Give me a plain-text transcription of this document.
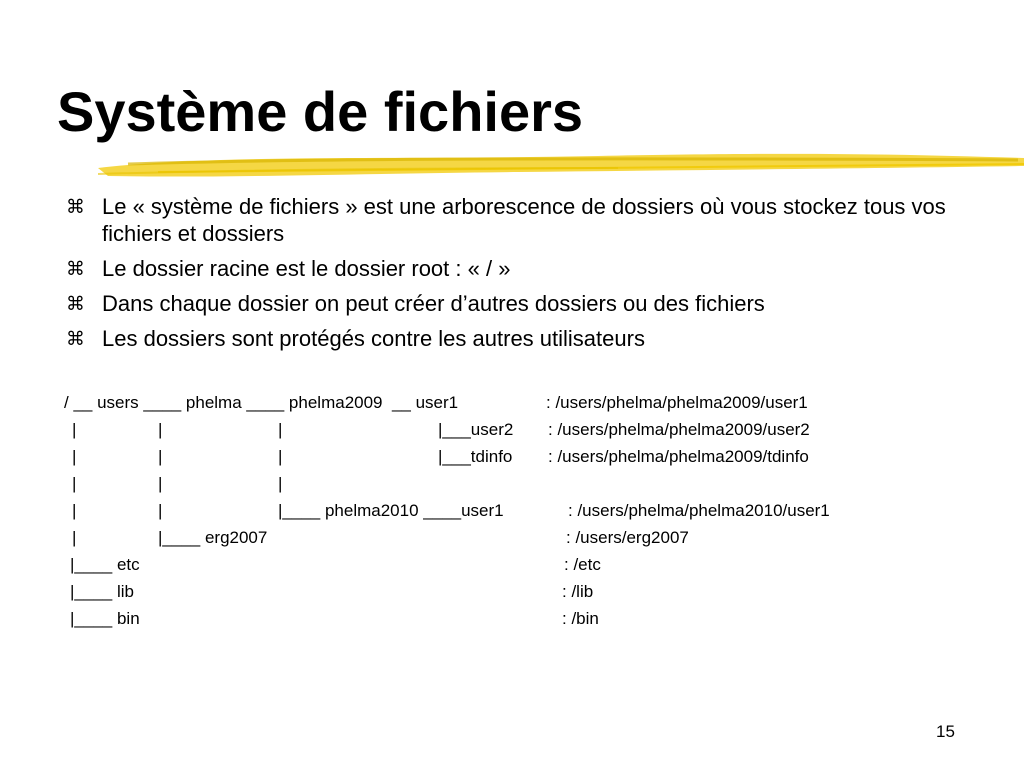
Système de fichiers
⌘ Le « système de fichiers » est une arborescence de dossiers où vous stockez tous vos fichiers et dossiers
⌘ Le dossier racine est le dossier root : « / »
⌘ Dans chaque dossier on peut créer d’autres dossiers ou des fichiers
⌘ Les dossiers sont protégés contre les autres utilisateurs
/ __ users ____ phelma ____ phelma2009  __ user1	: /users/phelma/phelma2009/user1
|	|	|	|___user2 : /users/phelma/phelma2009/user2
|	|	|	|___tdinfo : /users/phelma/phelma2009/tdinfo
|	|	|
|	|	|____ phelma2010 ____user1	: /users/phelma/phelma2010/user1
|	|____ erg2007	: /users/erg2007
|____ etc	: /etc
|____ lib	: /lib
|____ bin	: /bin
15
